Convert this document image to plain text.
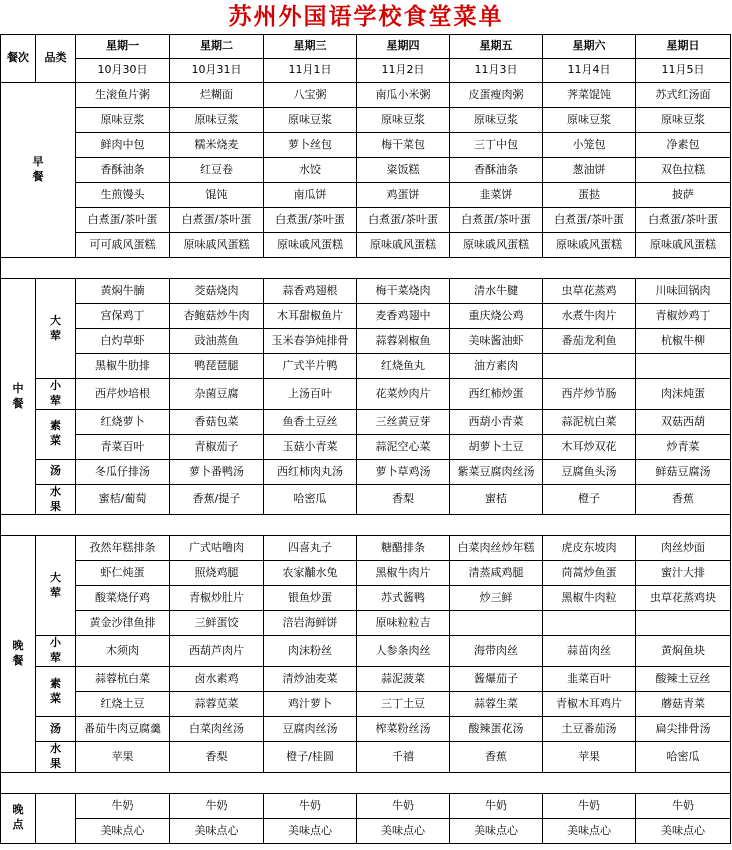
苏州外国语学校食堂菜单
餐次	品类	星期一	星期二	星期三	星期四	星期五	星期六	星期日
		10月30日	10月31日	11月1日	11月2日	11月3日	11月4日	11月5日
早餐		生滚鱼片粥	烂糊面	八宝粥	南瓜小米粥	皮蛋瘦肉粥	荠菜馄饨	苏式红汤面
		原味豆浆	原味豆浆	原味豆浆	原味豆浆	原味豆浆	原味豆浆	原味豆浆
		鲜肉中包	糯米烧麦	萝卜丝包	梅干菜包	三丁中包	小笼包	净素包
		香酥油条	红豆卷	水饺	粢饭糕	香酥油条	葱油饼	双色拉糕
		生煎馒头	馄饨	南瓜饼	鸡蛋饼	韭菜饼	蛋挞	披萨
		白煮蛋/茶叶蛋	白煮蛋/茶叶蛋	白煮蛋/茶叶蛋	白煮蛋/茶叶蛋	白煮蛋/茶叶蛋	白煮蛋/茶叶蛋	白煮蛋/茶叶蛋
		可可戚风蛋糕	原味戚风蛋糕	原味戚风蛋糕	原味戚风蛋糕	原味戚风蛋糕	原味戚风蛋糕	原味戚风蛋糕

中餐	大荤	黄焖牛腩	茭菇烧肉	蒜香鸡翅根	梅干菜烧肉	清水牛腱	虫草花蒸鸡	川味回锅肉
		宫保鸡丁	杏鲍菇炒牛肉	木耳甜椒鱼片	麦香鸡翅中	重庆烧公鸡	水煮牛肉片	青椒炒鸡丁
		白灼草虾	豉油蒸鱼	玉米春笋炖排骨	蒜蓉剁椒鱼	美味酱油虾	番茄龙利鱼	杭椒牛柳
		黑椒牛肋排	鸭琵琶腿	广式半片鸭	红烧鱼丸	油方素肉		
	小荤	西芹炒培根	杂菌豆腐	上汤百叶	花菜炒肉片	西红柿炒蛋	西芹炒节肠	肉沫炖蛋
	素菜	红烧萝卜	香菇包菜	鱼香土豆丝	三丝黄豆芽	西葫小青菜	蒜泥杭白菜	双菇西葫
		青菜百叶	青椒茄子	玉菇小青菜	蒜泥空心菜	胡萝卜土豆	木耳炒双花	炒青菜
	汤	冬瓜仔排汤	萝卜番鸭汤	西红柿肉丸汤	萝卜草鸡汤	紫菜豆腐肉丝汤	豆腐鱼头汤	鲜菇豆腐汤
	水果	蜜桔/葡萄	香蕉/提子	哈密瓜	香梨	蜜桔	橙子	香蕉

晚餐	大荤	孜然年糕排条	广式咕噜肉	四喜丸子	糖醋排条	白菜肉丝炒年糕	虎皮东坡肉	肉丝炒面
		虾仁炖蛋	照烧鸡腿	农家黼水兔	黑椒牛肉片	清蒸咸鸡腿	茼蒿炒鱼蛋	蜜汁大排
		酸菜烧仔鸡	青椒炒肚片	银鱼炒蛋	苏式酱鸭	炒三鲜	黑椒牛肉粒	虫草花蒸鸡块
		黄金沙律鱼排	三鲜蛋饺	涪岩海鲜饼	原味粒粒吉			
	小荤	木须肉	西葫芦肉片	肉沫粉丝	人参条肉丝	海带肉丝	蒜苗肉丝	黄焖鱼块
	素菜	蒜蓉杭白菜	卤水素鸡	清炒油麦菜	蒜泥菠菜	酱爆茄子	韭菜百叶	酸辣土豆丝
		红烧土豆	蒜蓉苋菜	鸡汁萝卜	三丁土豆	蒜蓉生菜	青椒木耳鸡片	蘑菇青菜
	汤	番茄牛肉豆腐羹	白菜肉丝汤	豆腐肉丝汤	榨菜粉丝汤	酸辣蛋花汤	土豆番茄汤	扁尖排骨汤
	水果	苹果	香梨	橙子/桂圆	千禧	香蕉	苹果	哈密瓜

晚点		牛奶	牛奶	牛奶	牛奶	牛奶	牛奶	牛奶
		美味点心	美味点心	美味点心	美味点心	美味点心	美味点心	美味点心
